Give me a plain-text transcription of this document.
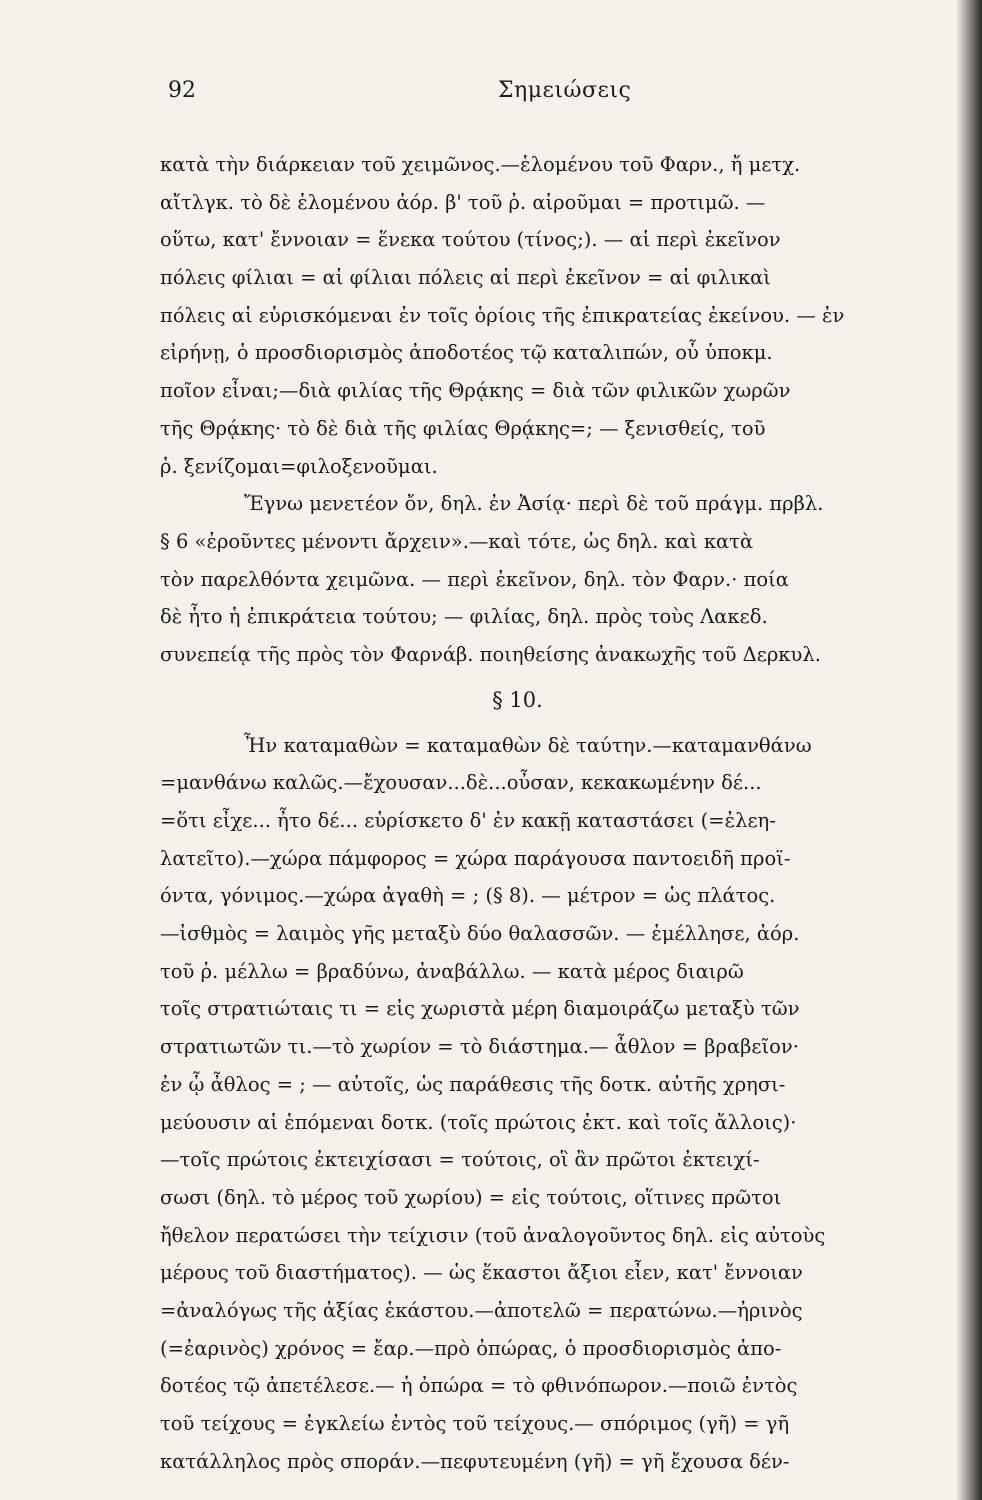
92	Σημειώσεις
κατὰ τὴν διάρκειαν τοῦ χειμῶνος.—ἑλομένου τοῦ Φαρν., ἤ μετχ.
αἴτλγκ. τὸ δὲ ἑλομένου ἀόρ. β' τοῦ ῥ. αἱροῦμαι = προτιμῶ. —
οὕτω, κατ' ἔννοιαν = ἕνεκα τούτου (τίνος;). — αἱ περὶ ἐκεῖνον
πόλεις φίλιαι = αἱ φίλιαι πόλεις αἱ περὶ ἐκεῖνον = αἱ φιλικαὶ
πόλεις αἱ εὑρισκόμεναι ἐν τοῖς ὁρίοις τῆς ἐπικρατείας ἐκείνου. — ἐν
εἰρήνῃ, ὁ προσδιορισμὸς ἀποδοτέος τῷ καταλιπών, οὗ ὑποκμ.
ποῖον εἶναι;—διὰ φιλίας τῆς Θρᾴκης = διὰ τῶν φιλικῶν χωρῶν
τῆς Θρᾴκης· τὸ δὲ διὰ τῆς φιλίας Θρᾴκης=; — ξενισθείς, τοῦ
ῥ. ξενίζομαι=φιλοξενοῦμαι.
Ἔγνω μενετέον ὄν, δηλ. ἐν Ἀσίᾳ· περὶ δὲ τοῦ πράγμ. πρβλ.
§ 6 «ἐροῦντες μένοντι ἄρχειν».—καὶ τότε, ὡς δηλ. καὶ κατὰ
τὸν παρελθόντα χειμῶνα. — περὶ ἐκεῖνον, δηλ. τὸν Φαρν.· ποία
δὲ ἦτο ἡ ἐπικράτεια τούτου; — φιλίας, δηλ. πρὸς τοὺς Λακεδ.
συνεπείᾳ τῆς πρὸς τὸν Φαρνάβ. ποιηθείσης ἀνακωχῆς τοῦ Δερκυλ.
§ 10.
Ἦν καταμαθὼν = καταμαθὼν δὲ ταύτην.—καταμανθάνω
=μανθάνω καλῶς.—ἔχουσαν...δὲ...οὖσαν, κεκακωμένην δέ...
=ὅτι εἶχε... ἦτο δέ... εὑρίσκετο δ' ἐν κακῇ καταστάσει (=ἐλεη-
λατεῖτο).—χώρα πάμφορος = χώρα παράγουσα παντοειδῆ προϊ-
όντα, γόνιμος.—χώρα ἀγαθὴ = ; (§ 8). — μέτρον = ὡς πλάτος.
—ἰσθμὸς = λαιμὸς γῆς μεταξὺ δύο θαλασσῶν. — ἐμέλλησε, ἀόρ.
τοῦ ῥ. μέλλω = βραδύνω, ἀναβάλλω. — κατὰ μέρος διαιρῶ
τοῖς στρατιώταις τι = εἰς χωριστὰ μέρη διαμοιράζω μεταξὺ τῶν
στρατιωτῶν τι.—τὸ χωρίον = τὸ διάστημα.— ἆθλον = βραβεῖον·
ἐν ᾧ ἆθλος = ; — αὐτοῖς, ὡς παράθεσις τῆς δοτκ. αὐτῆς χρησι-
μεύουσιν αἱ ἑπόμεναι δοτκ. (τοῖς πρώτοις ἐκτ. καὶ τοῖς ἄλλοις)·
—τοῖς πρώτοις ἐκτειχίσασι = τούτοις, οἳ ἂν πρῶτοι ἐκτειχί-
σωσι (δηλ. τὸ μέρος τοῦ χωρίου) = εἰς τούτοις, οἵτινες πρῶτοι
ἤθελον περατώσει τὴν τείχισιν (τοῦ ἀναλογοῦντος δηλ. εἰς αὐτοὺς
μέρους τοῦ διαστήματος). — ὡς ἕκαστοι ἄξιοι εἶεν, κατ' ἔννοιαν
=ἀναλόγως τῆς ἀξίας ἑκάστου.—ἀποτελῶ = περατώνω.—ἠρινὸς
(=ἐαρινὸς) χρόνος = ἔαρ.—πρὸ ὀπώρας, ὁ προσδιορισμὸς ἀπο-
δοτέος τῷ ἀπετέλεσε.— ἡ ὀπώρα = τὸ φθινόπωρον.—ποιῶ ἐντὸς
τοῦ τείχους = ἐγκλείω ἐντὸς τοῦ τείχους.— σπόριμος (γῆ) = γῆ
κατάλληλος πρὸς σποράν.—πεφυτευμένη (γῆ) = γῆ ἔχουσα δέν-
